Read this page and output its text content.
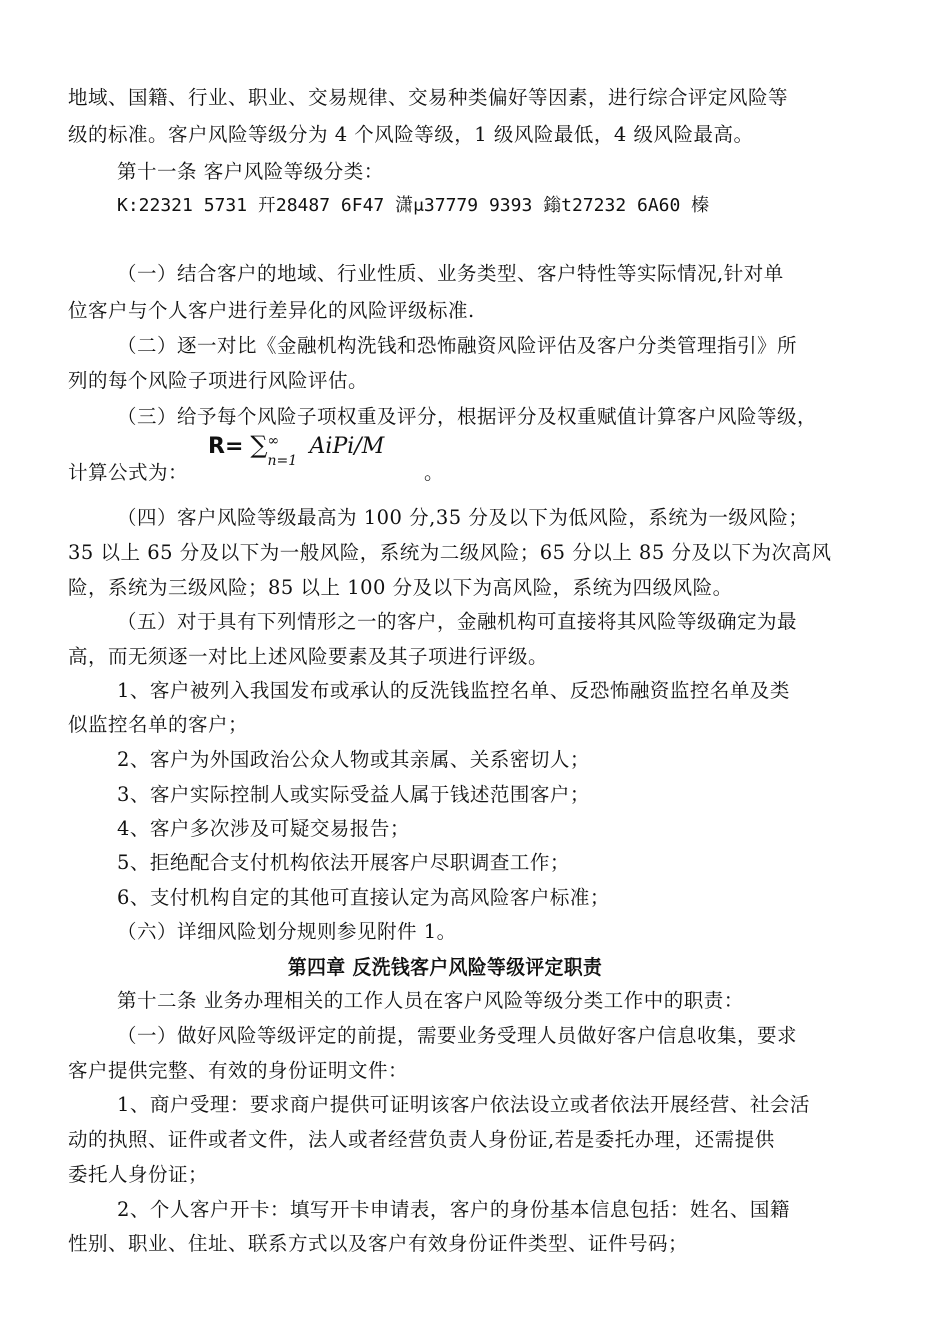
地域、国籍、行业、职业、交易规律、交易种类偏好等因素，进行综合评定风险等
级的标准。客户风险等级分为 4 个风险等级，1 级风险最低，4 级风险最高。
第十一条 客户风险等级分类：
K:22321 5731 幵28487 6F47 潇μ37779 9393 鎓t27232 6A60 榛
（一）结合客户的地域、行业性质、业务类型、客户特性等实际情况,针对单
位客户与个人客户进行差异化的风险评级标准.
（二）逐一对比《金融机构洗钱和恐怖融资风险评估及客户分类管理指引》所
列的每个风险子项进行风险评估。
（三）给予每个风险子项权重及评分，根据评分及权重赋值计算客户风险等级，
R= ∑ ∞
n=1
AiPi/M
计算公式为：	。
（四）客户风险等级最高为 100 分,35 分及以下为低风险，系统为一级风险；
35 以上 65 分及以下为一般风险，系统为二级风险；65 分以上 85 分及以下为次高风
险，系统为三级风险；85 以上 100 分及以下为高风险，系统为四级风险。
（五）对于具有下列情形之一的客户，金融机构可直接将其风险等级确定为最
高，而无须逐一对比上述风险要素及其子项进行评级。
1、客户被列入我国发布或承认的反洗钱监控名单、反恐怖融资监控名单及类
似监控名单的客户；
2、客户为外国政治公众人物或其亲属、关系密切人；
3、客户实际控制人或实际受益人属于钱述范围客户；
4、客户多次涉及可疑交易报告；
5、拒绝配合支付机构依法开展客户尽职调查工作；
6、支付机构自定的其他可直接认定为高风险客户标准；
（六）详细风险划分规则参见附件 1。
第四章 反洗钱客户风险等级评定职责
第十二条 业务办理相关的工作人员在客户风险等级分类工作中的职责：
（一）做好风险等级评定的前提，需要业务受理人员做好客户信息收集，要求
客户提供完整、有效的身份证明文件：
1、商户受理：要求商户提供可证明该客户依法设立或者依法开展经营、社会活
动的执照、证件或者文件，法人或者经营负责人身份证,若是委托办理，还需提供
委托人身份证；
2、个人客户开卡：填写开卡申请表，客户的身份基本信息包括：姓名、国籍
性别、职业、住址、联系方式以及客户有效身份证件类型、证件号码；
